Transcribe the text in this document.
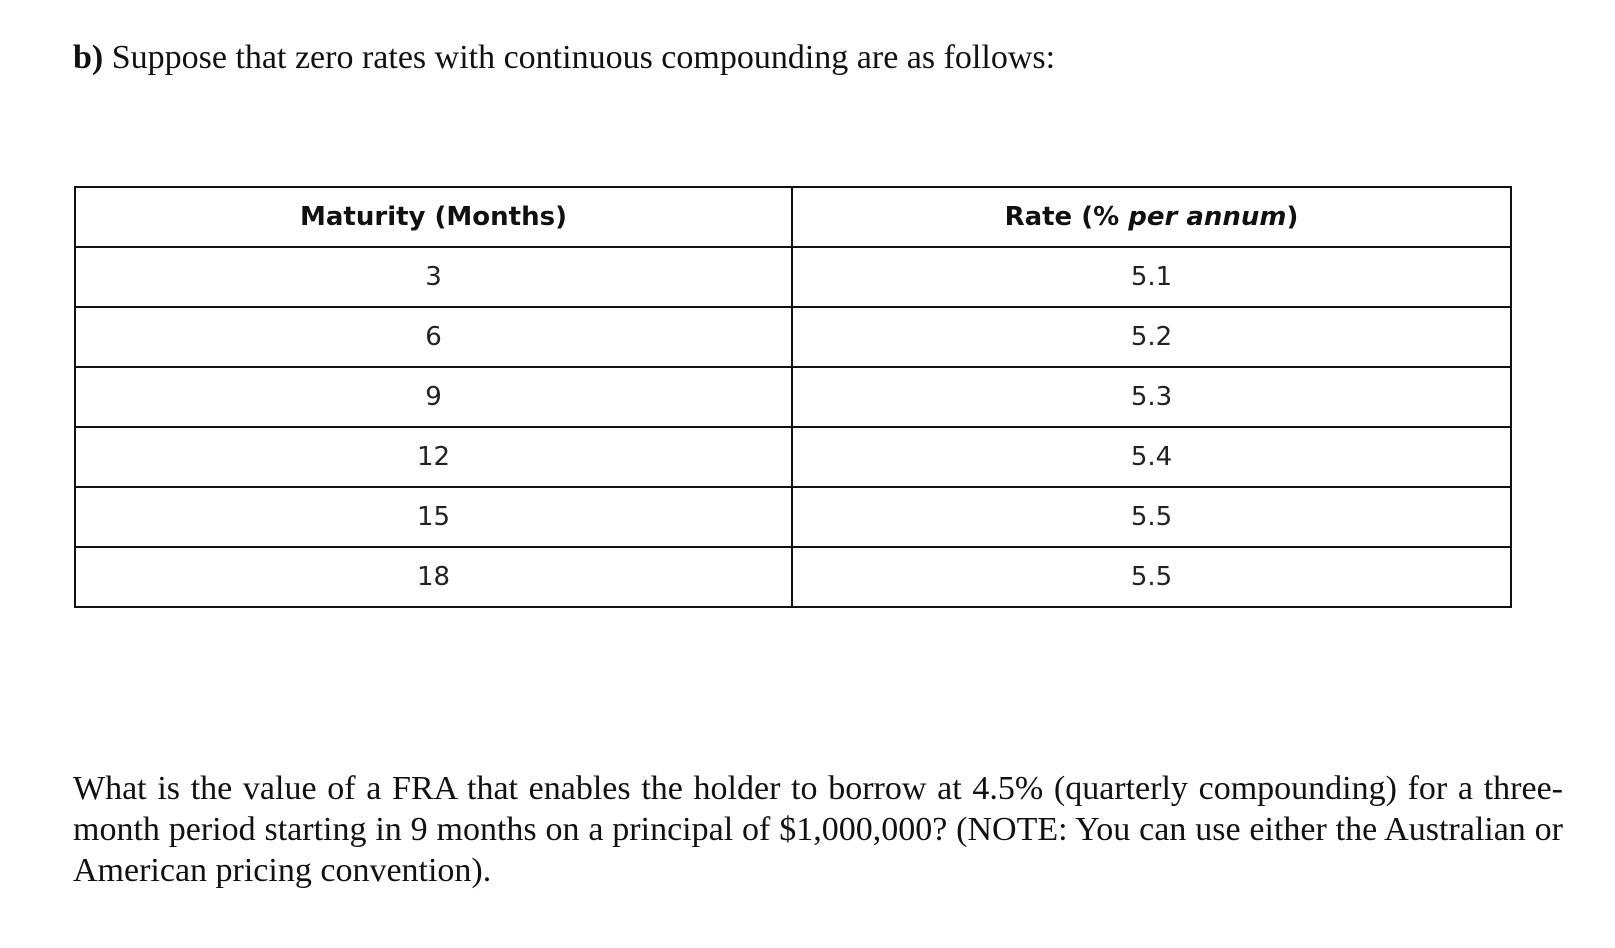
b) Suppose that zero rates with continuous compounding are as follows:

Maturity (Months)	Rate (% per annum)
3	5.1
6	5.2
9	5.3
12	5.4
15	5.5
18	5.5

What is the value of a FRA that enables the holder to borrow at 4.5% (quarterly compounding) for a three-month period starting in 9 months on a principal of $1,000,000? (NOTE: You can use either the Australian or American pricing convention).
